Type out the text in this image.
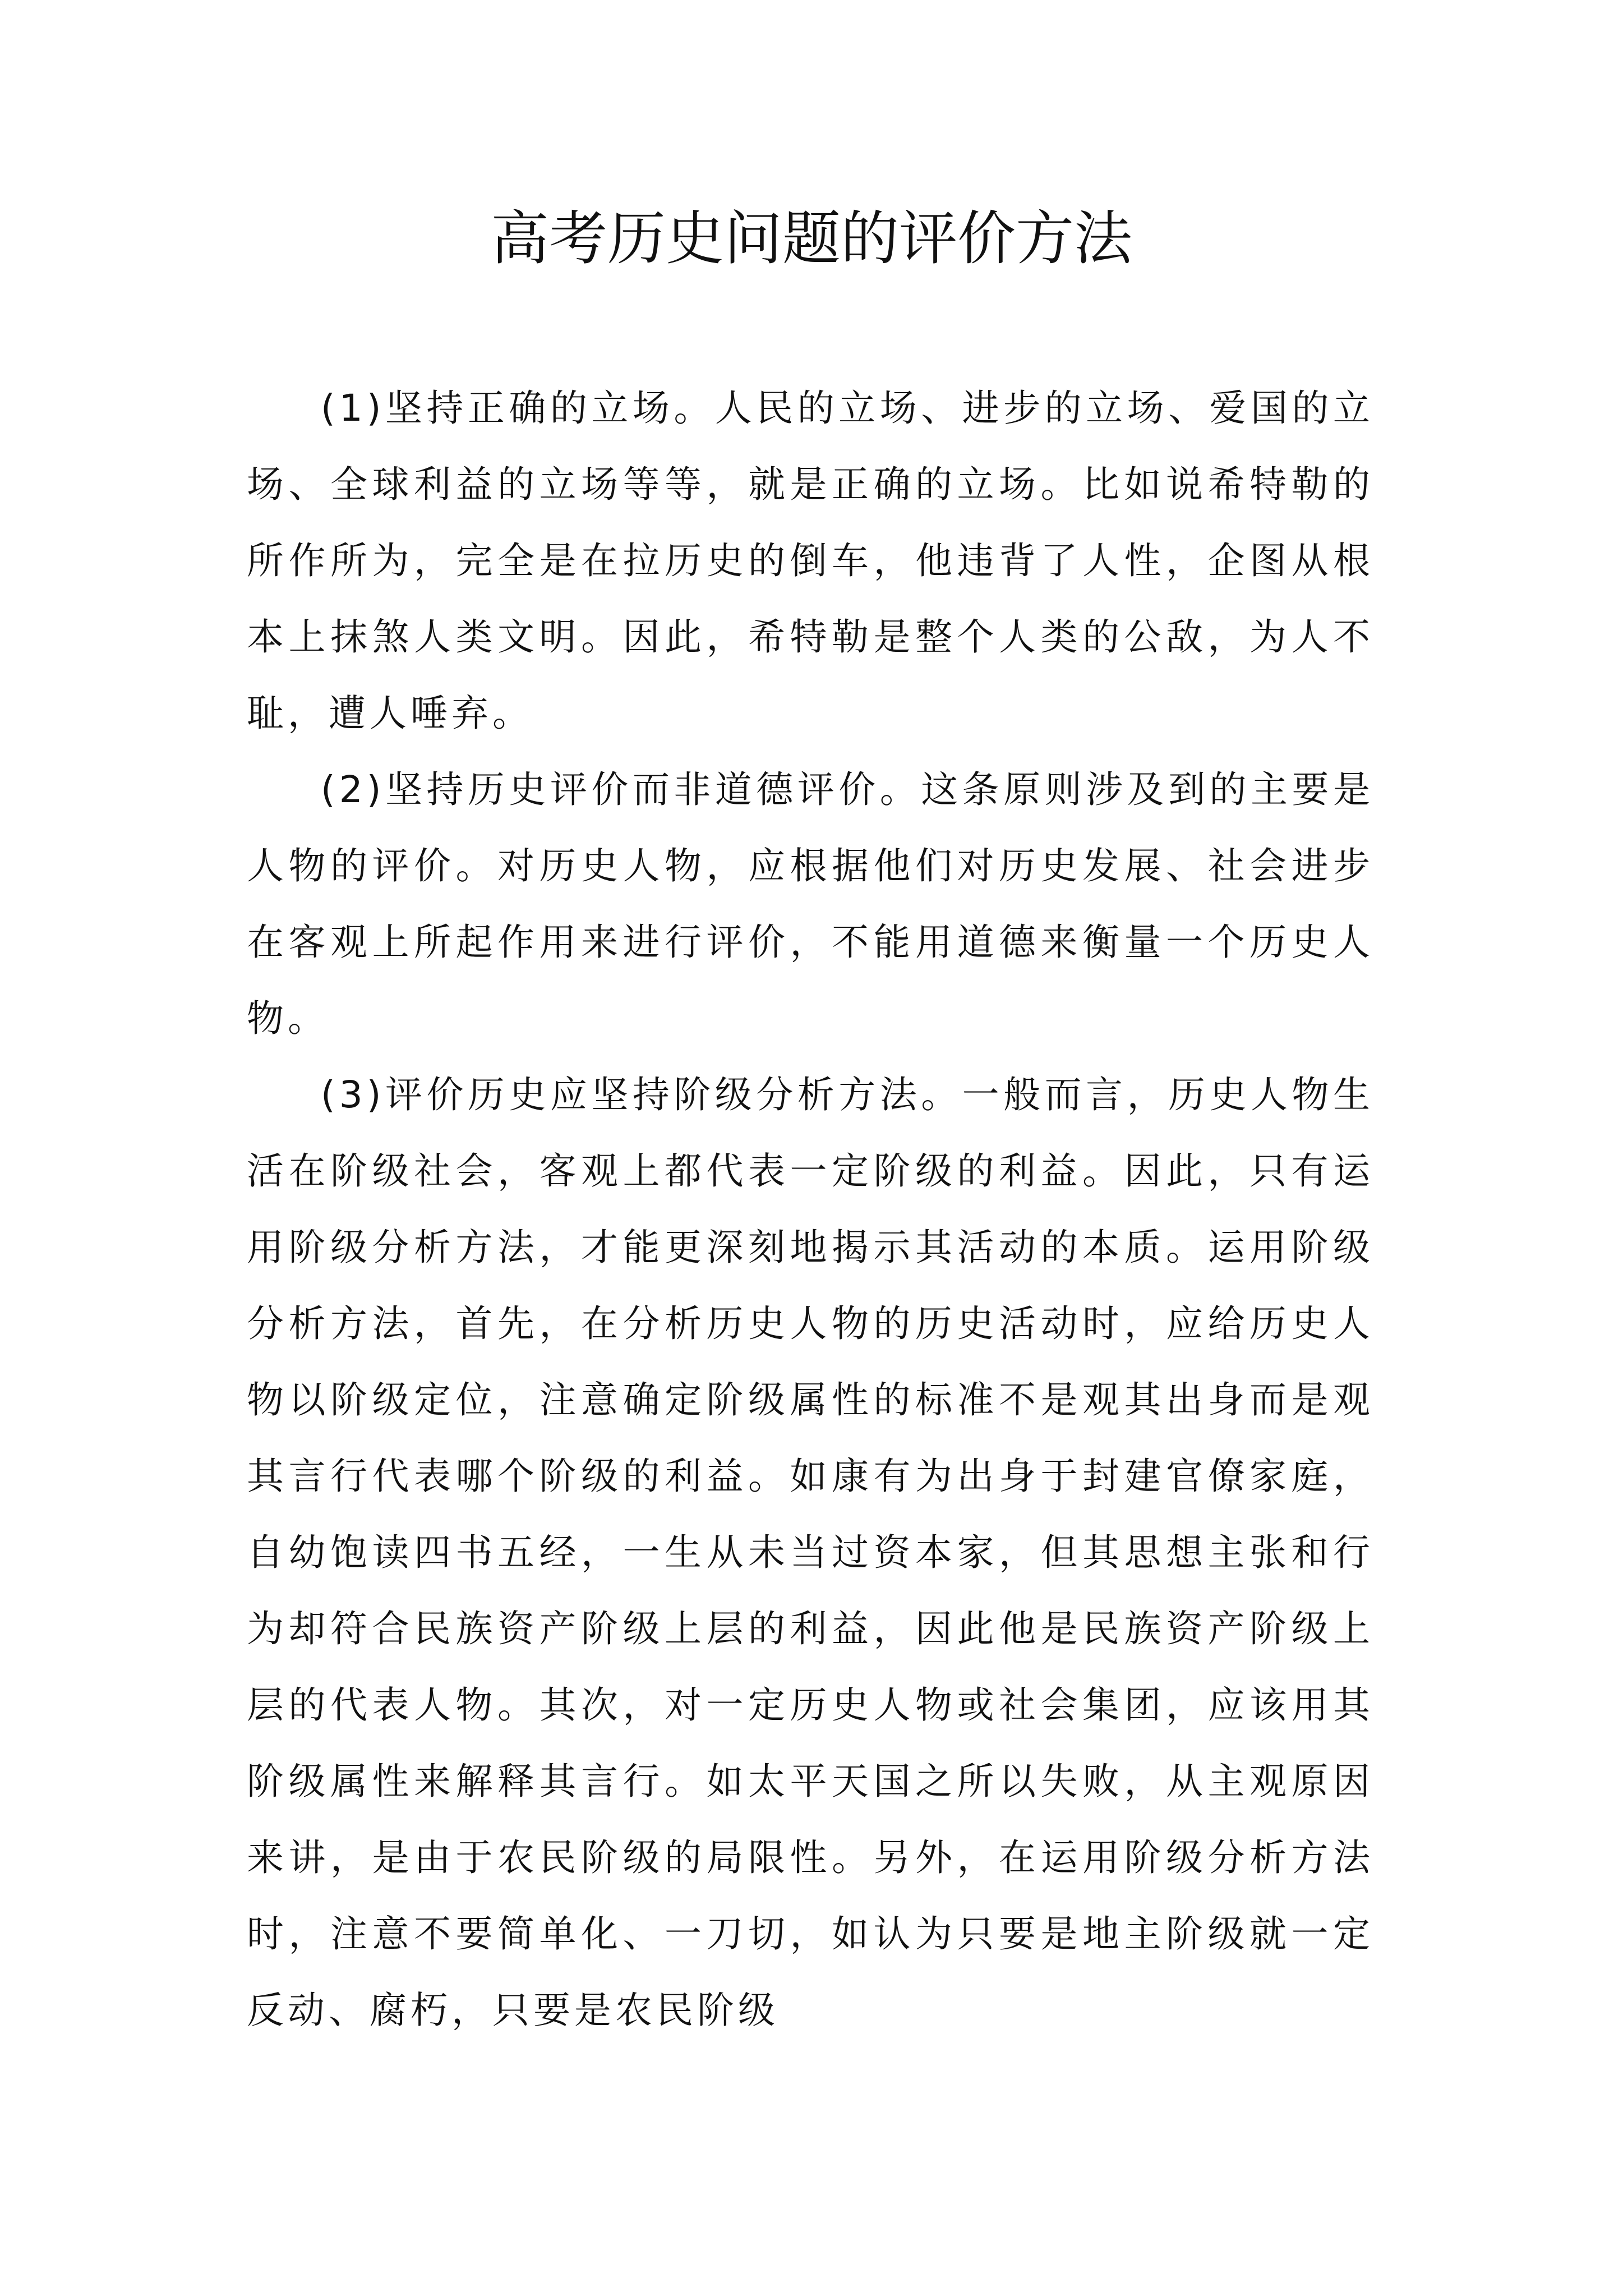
高考历史问题的评价方法

(1)坚持正确的立场。人民的立场、进步的立场、爱国的立场、全球利益的立场等等，就是正确的立场。比如说希特勒的所作所为，完全是在拉历史的倒车，他违背了人性，企图从根本上抹煞人类文明。因此，希特勒是整个人类的公敌，为人不耻，遭人唾弃。

(2)坚持历史评价而非道德评价。这条原则涉及到的主要是人物的评价。对历史人物，应根据他们对历史发展、社会进步在客观上所起作用来进行评价，不能用道德来衡量一个历史人物。

(3)评价历史应坚持阶级分析方法。一般而言，历史人物生活在阶级社会，客观上都代表一定阶级的利益。因此，只有运用阶级分析方法，才能更深刻地揭示其活动的本质。运用阶级分析方法，首先，在分析历史人物的历史活动时，应给历史人物以阶级定位，注意确定阶级属性的标准不是观其出身而是观其言行代表哪个阶级的利益。如康有为出身于封建官僚家庭，自幼饱读四书五经，一生从未当过资本家，但其思想主张和行为却符合民族资产阶级上层的利益，因此他是民族资产阶级上层的代表人物。其次，对一定历史人物或社会集团，应该用其阶级属性来解释其言行。如太平天国之所以失败，从主观原因来讲，是由于农民阶级的局限性。另外，在运用阶级分析方法时，注意不要简单化、一刀切，如认为只要是地主阶级就一定反动、腐朽，只要是农民阶级
